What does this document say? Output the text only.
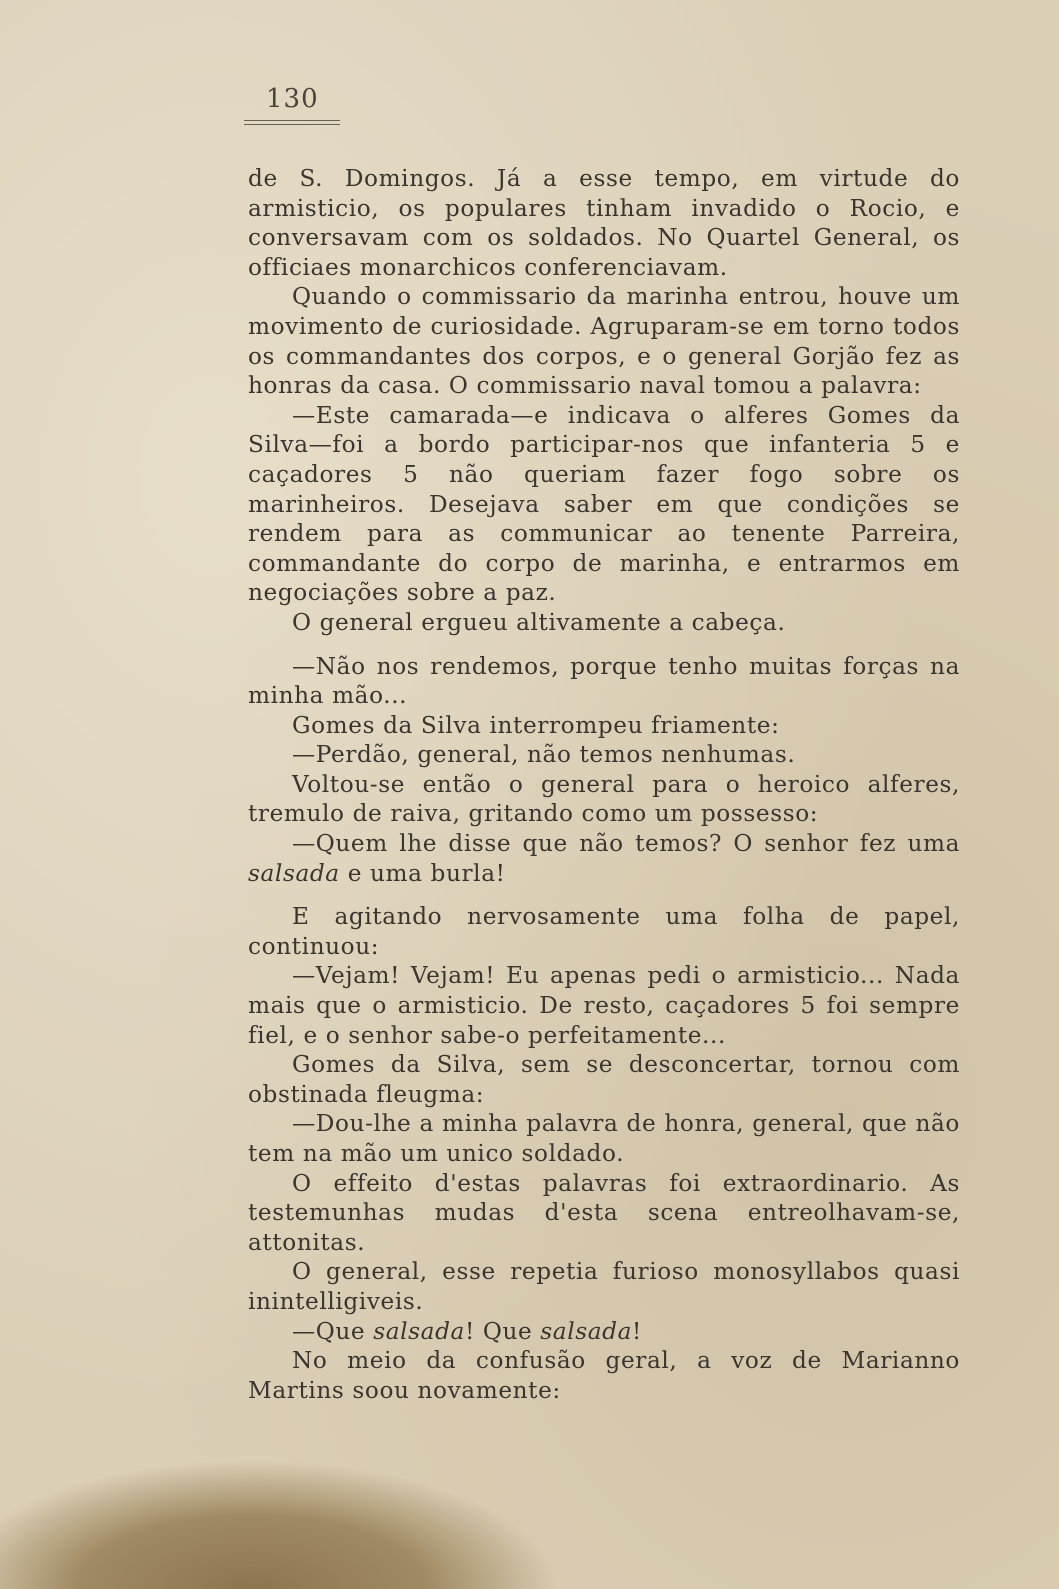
130

de S. Domingos. Já a esse tempo, em virtude do armisticio, os populares tinham invadido o Rocio, e conversavam com os soldados. No Quartel General, os officiaes monarchicos conferenciavam.

Quando o commissario da marinha entrou, houve um movimento de curiosidade. Agruparam-se em torno todos os commandantes dos corpos, e o general Gorjão fez as honras da casa. O commissario naval tomou a palavra:

—Este camarada—e indicava o alferes Gomes da Silva—foi a bordo participar-nos que infanteria 5 e caçadores 5 não queriam fazer fogo sobre os marinheiros. Desejava saber em que condições se rendem para as communicar ao tenente Parreira, commandante do corpo de marinha, e entrarmos em negociações sobre a paz.

O general ergueu altivamente a cabeça.

—Não nos rendemos, porque tenho muitas forças na minha mão...

Gomes da Silva interrompeu friamente:

—Perdão, general, não temos nenhumas.

Voltou-se então o general para o heroico alferes, tremulo de raiva, gritando como um possesso:

—Quem lhe disse que não temos? O senhor fez uma salsada e uma burla!

E agitando nervosamente uma folha de papel, continuou:

—Vejam! Vejam! Eu apenas pedi o armisticio... Nada mais que o armisticio. De resto, caçadores 5 foi sempre fiel, e o senhor sabe-o perfeitamente...

Gomes da Silva, sem se desconcertar, tornou com obstinada fleugma:

—Dou-lhe a minha palavra de honra, general, que não tem na mão um unico soldado.

O effeito d'estas palavras foi extraordinario. As testemunhas mudas d'esta scena entreolhavam-se, attonitas.

O general, esse repetia furioso monosyllabos quasi inintelligiveis.

—Que salsada! Que salsada!

No meio da confusão geral, a voz de Marianno Martins soou novamente:
